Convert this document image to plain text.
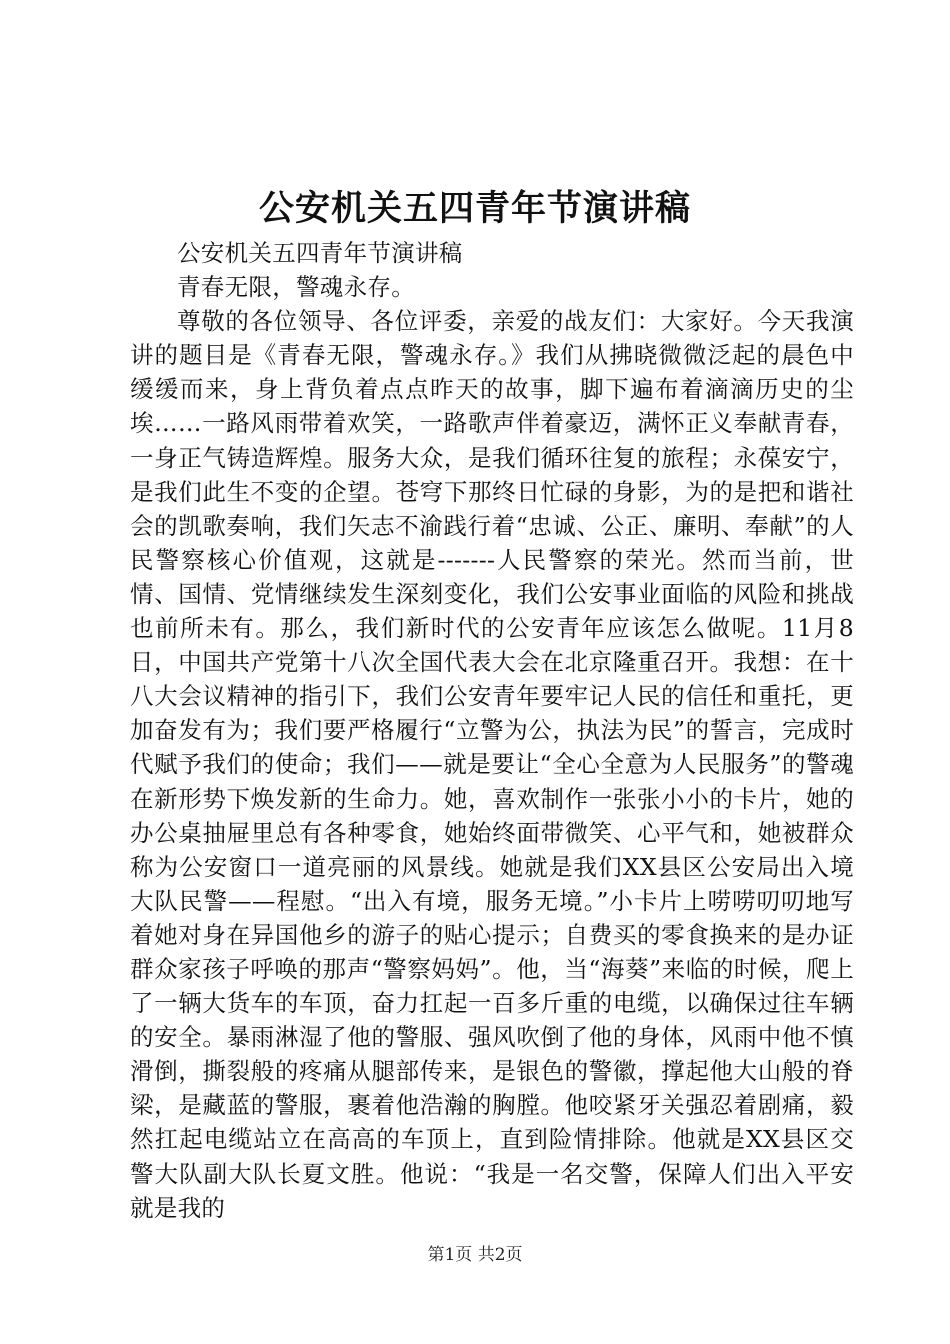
公安机关五四青年节演讲稿

公安机关五四青年节演讲稿

青春无限，警魂永存。

尊敬的各位领导、各位评委，亲爱的战友们：大家好。今天我演讲的题目是《青春无限，警魂永存。》我们从拂晓微微泛起的晨色中缓缓而来，身上背负着点点昨天的故事，脚下遍布着滴滴历史的尘埃……一路风雨带着欢笑，一路歌声伴着豪迈，满怀正义奉献青春，一身正气铸造辉煌。服务大众，是我们循环往复的旅程；永葆安宁，是我们此生不变的企望。苍穹下那终日忙碌的身影，为的是把和谐社会的凯歌奏响，我们矢志不渝践行着“忠诚、公正、廉明、奉献”的人民警察核心价值观，这就是-------人民警察的荣光。然而当前，世情、国情、党情继续发生深刻变化，我们公安事业面临的风险和挑战也前所未有。那么，我们新时代的公安青年应该怎么做呢。11月8日，中国共产党第十八次全国代表大会在北京隆重召开。我想：在十八大会议精神的指引下，我们公安青年要牢记人民的信任和重托，更加奋发有为；我们要严格履行“立警为公，执法为民”的誓言，完成时代赋予我们的使命；我们——就是要让“全心全意为人民服务”的警魂在新形势下焕发新的生命力。她，喜欢制作一张张小小的卡片，她的办公桌抽屉里总有各种零食，她始终面带微笑、心平气和，她被群众称为公安窗口一道亮丽的风景线。她就是我们XX县区公安局出入境大队民警——程慰。“出入有境，服务无境。”小卡片上唠唠叨叨地写着她对身在异国他乡的游子的贴心提示；自费买的零食换来的是办证群众家孩子呼唤的那声“警察妈妈”。他，当“海葵”来临的时候，爬上了一辆大货车的车顶，奋力扛起一百多斤重的电缆，以确保过往车辆的安全。暴雨淋湿了他的警服、强风吹倒了他的身体，风雨中他不慎滑倒，撕裂般的疼痛从腿部传来，是银色的警徽，撑起他大山般的脊梁，是藏蓝的警服，裹着他浩瀚的胸膛。他咬紧牙关强忍着剧痛，毅然扛起电缆站立在高高的车顶上，直到险情排除。他就是XX县区交警大队副大队长夏文胜。他说：“我是一名交警，保障人们出入平安就是我的

第1页 共2页
